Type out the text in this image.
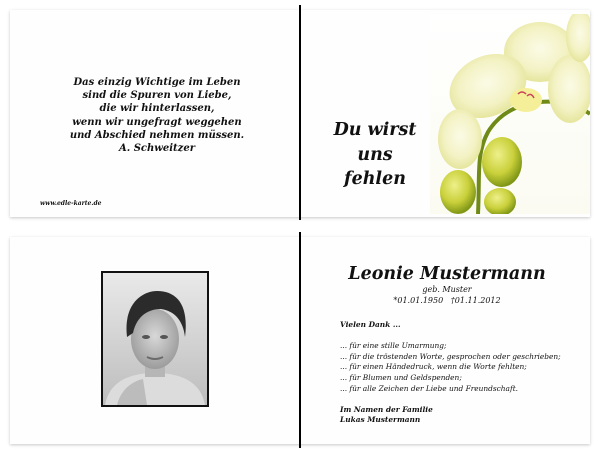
Das einzig Wichtige im Leben
sind die Spuren von Liebe,
die wir hinterlassen,
wenn wir ungefragt weggehen
und Abschied nehmen müssen.
A. Schweitzer
www.edle-karte.de
Du wirst
uns
fehlen
Leonie Mustermann
geb. Muster
*01.01.1950   †01.11.2012
Vielen Dank ...
... für eine stille Umarmung;
... für die tröstenden Worte, gesprochen oder geschrieben;
... für einen Händedruck, wenn die Worte fehlten;
... für Blumen und Geldspenden;
... für alle Zeichen der Liebe und Freundschaft.
Im Namen der Familie
Lukas Mustermann
